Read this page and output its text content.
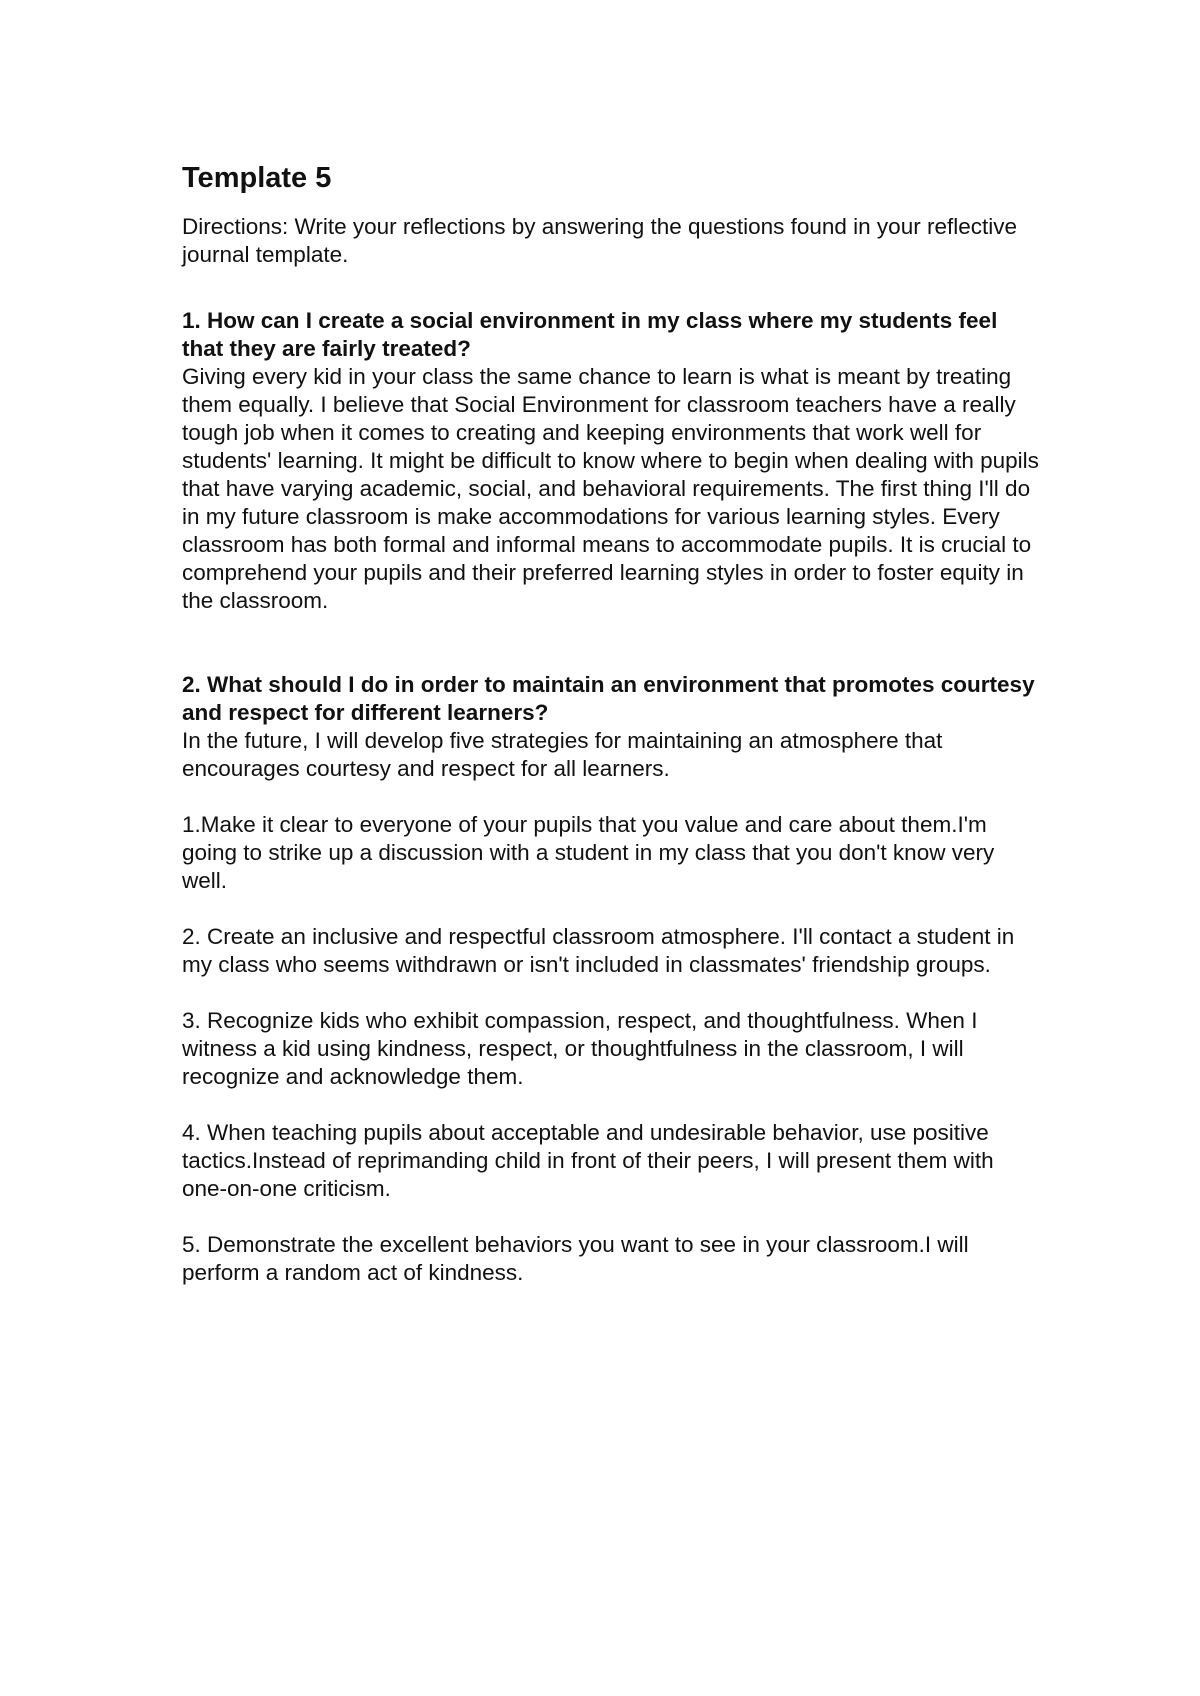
Template 5

Directions: Write your reflections by answering the questions found in your reflective journal template.

1. How can I create a social environment in my class where my students feel that they are fairly treated?

Giving every kid in your class the same chance to learn is what is meant by treating them equally. I believe that Social Environment for classroom teachers have a really tough job when it comes to creating and keeping environments that work well for students' learning. It might be difficult to know where to begin when dealing with pupils that have varying academic, social, and behavioral requirements. The first thing I'll do in my future classroom is make accommodations for various learning styles. Every classroom has both formal and informal means to accommodate pupils. It is crucial to comprehend your pupils and their preferred learning styles in order to foster equity in the classroom.

2. What should I do in order to maintain an environment that promotes courtesy and respect for different learners?

In the future, I will develop five strategies for maintaining an atmosphere that encourages courtesy and respect for all learners.

1.Make it clear to everyone of your pupils that you value and care about them.I'm going to strike up a discussion with a student in my class that you don't know very well.

2. Create an inclusive and respectful classroom atmosphere. I'll contact a student in my class who seems withdrawn or isn't included in classmates' friendship groups.

3. Recognize kids who exhibit compassion, respect, and thoughtfulness. When I witness a kid using kindness, respect, or thoughtfulness in the classroom, I will recognize and acknowledge them.

4. When teaching pupils about acceptable and undesirable behavior, use positive tactics.Instead of reprimanding child in front of their peers, I will present them with one-on-one criticism.

5. Demonstrate the excellent behaviors you want to see in your classroom.I will perform a random act of kindness.
